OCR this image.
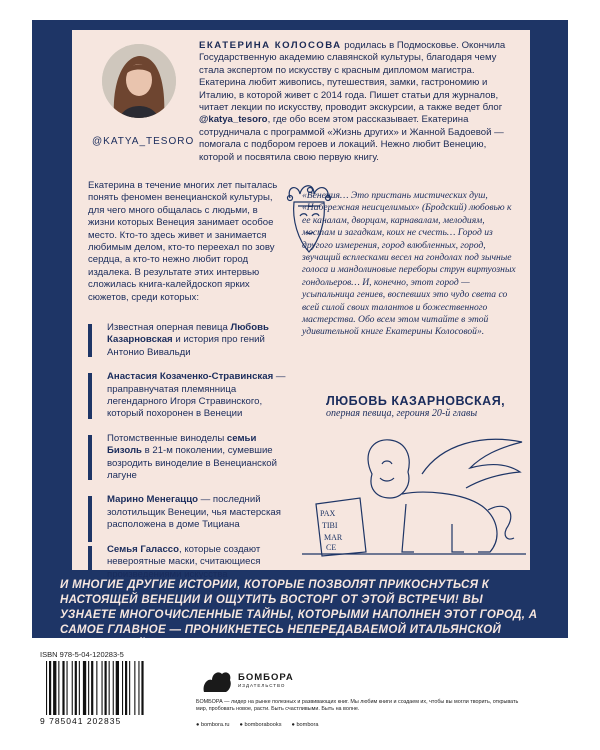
@KATYA_TESORO
ЕКАТЕРИНА КОЛОСОВА родилась в Подмосковье. Окончила Государственную академию славянской культуры, благодаря чему стала экспертом по искусству с красным дипломом магистра. Екатерина любит живопись, путешествия, замки, гастрономию и Италию, в которой живет с 2014 года. Пишет статьи для журналов, читает лекции по искусству, проводит экскурсии, а также ведет блог @katya_tesoro, где обо всем этом рассказывает. Екатерина сотрудничала с программой «Жизнь других» и Жанной Бадоевой — помогала с подбором героев и локаций. Нежно любит Венецию, которой и посвятила свою первую книгу.
Екатерина в течение многих лет пыталась понять феномен венецианской культуры, для чего много общалась с людьми, в жизни которых Венеция занимает особое место. Кто-то здесь живет и занимается любимым делом, кто-то переехал по зову сердца, а кто-то нежно любит город издалека. В результате этих интервью сложилась книга-калейдоскоп ярких сюжетов, среди которых:
Известная оперная певица Любовь Казарновская и история про гений Антонио Вивальди
Анастасия Козаченко-Стравинская — праправнучатая племянница легендарного Игоря Стравинского, который похоронен в Венеции
Потомственные виноделы семьи Бизоль в 21-м поколении, сумевшие возродить виноделие в Венецианской лагуне
Марино Менегаццо — последний золотильщик Венеции, чья мастерская расположена в доме Тициана
Семья Галассо, которые создают невероятные маски, считающиеся произведениями искусства
«Венеция… Это пристань мистических душ, «Набережная неисцелимых» (Бродский) любовью к ее каналам, дворцам, карнавалам, мелодиям, мостам и загадкам, коих не счесть… Город из другого измерения, город влюбленных, город, звучащий всплесками весел на гондолах под зычные голоса и мандолиновые переборы струн виртуозных гондольеров… И, конечно, этот город — усыпальница гениев, воспевших это чудо света со всей силой своих талантов и божественного мастерства. Обо всем этом читайте в этой удивительной книге Екатерины Колосовой».
ЛЮБОВЬ КАЗАРНОВСКАЯ,
оперная певица, героиня 20-й главы
PAX
TIBI
MAR
CE
И МНОГИЕ ДРУГИЕ ИСТОРИИ, КОТОРЫЕ ПОЗВОЛЯТ ПРИКОСНУТЬСЯ К НАСТОЯЩЕЙ ВЕНЕЦИИ И ОЩУТИТЬ ВОСТОРГ ОТ ЭТОЙ ВСТРЕЧИ! ВЫ УЗНАЕТЕ МНОГОЧИСЛЕННЫЕ ТАЙНЫ, КОТОРЫМИ НАПОЛНЕН ЭТОТ ГОРОД, А САМОЕ ГЛАВНОЕ — ПРОНИКНЕТЕСЬ НЕПЕРЕДАВАЕМОЙ ИТАЛЬЯНСКОЙ
ISBN 978-5-04-120283-5
9 785041 202835
БОМБОРА
ИЗДАТЕЛЬСТВО
БОМБОРА — лидер на рынке полезных и развивающих книг. Мы любим книги и создаем их, чтобы вы могли творить, открывать мир, пробовать новое, расти. Быть счастливыми. Быть на волне.
● bombora.ru ● bomborabooks ● bombora
